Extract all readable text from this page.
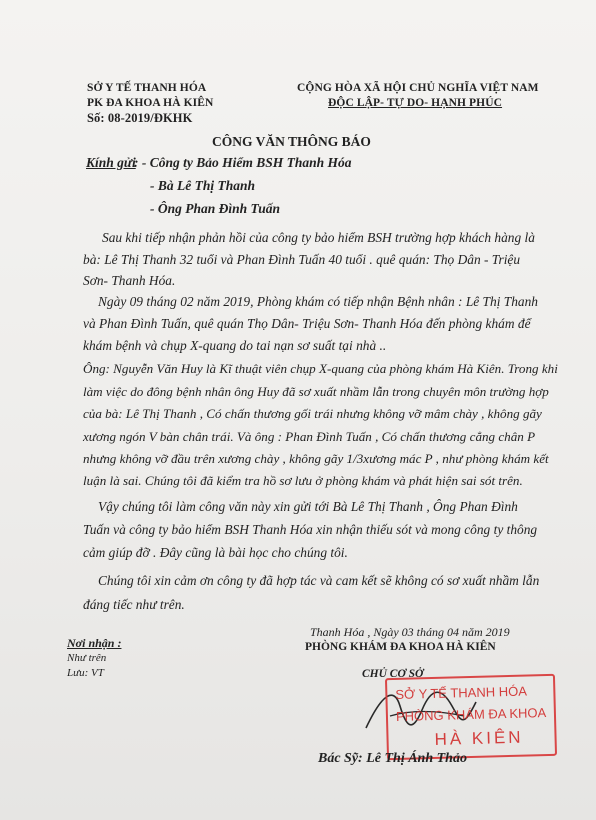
SỞ Y TẾ THANH HÓA
PK ĐA KHOA HÀ KIÊN
Số: 08-2019/ĐKHK
CỘNG HÒA XÃ HỘI CHỦ NGHĨA VIỆT NAM
ĐỘC LẬP- TỰ DO- HẠNH PHÚC
CÔNG VĂN THÔNG BÁO
Kính gửi
: - Công ty Bảo Hiểm BSH Thanh Hóa
- Bà Lê Thị Thanh
- Ông Phan Đình Tuấn
Sau khi tiếp nhận phản hồi của công ty bảo hiểm BSH trường hợp khách hàng là
bà: Lê Thị Thanh 32 tuổi và Phan Đình Tuấn 40 tuổi . quê quán: Thọ Dân - Triệu
Sơn- Thanh Hóa.
Ngày 09 tháng 02 năm 2019, Phòng khám có tiếp nhận Bệnh nhân : Lê Thị Thanh
và Phan Đình Tuấn, quê quán Thọ Dân- Triệu Sơn- Thanh Hóa đến phòng khám để
khám bệnh và chụp X-quang do tai nạn sơ suất tại nhà ..
Ông: Nguyễn Văn Huy là Kĩ thuật viên chụp X-quang của phòng khám Hà Kiên. Trong khi
làm việc do đông bệnh nhân ông Huy đã sơ xuất nhầm lẫn trong chuyên môn trường hợp
của bà: Lê Thị Thanh , Có chấn thương gối trái nhưng không vỡ mâm chày , không gãy
xương ngón V bàn chân trái. Và ông : Phan Đình Tuấn , Có chấn thương cẳng chân P
nhưng không vỡ đầu trên xương chày , không gãy 1/3xương mác P , như phòng khám kết
luận là sai. Chúng tôi đã kiểm tra hồ sơ lưu ở phòng khám và phát hiện sai sót trên.
Vậy chúng tôi làm công văn này xin gửi tới Bà Lê Thị Thanh , Ông Phan Đình
Tuấn và công ty bảo hiểm BSH Thanh Hóa xin nhận thiếu sót và mong công ty thông
cảm giúp đỡ . Đây cũng là bài học cho chúng tôi.
Chúng tôi xin cảm ơn công ty đã hợp tác và cam kết sẽ không có sơ xuất nhầm lẫn
đáng tiếc như trên.
Thanh Hóa , Ngày 03 tháng 04 năm 2019
PHÒNG KHÁM ĐA KHOA HÀ KIÊN
CHỦ CƠ SỞ
Nơi nhận :
Như trên
Lưu: VT
SỞ Y TẾ THANH HÓA
PHÒNG KHÁM ĐA KHOA
HÀ KIÊN
Bác Sỹ: Lê Thị Ánh Thảo
